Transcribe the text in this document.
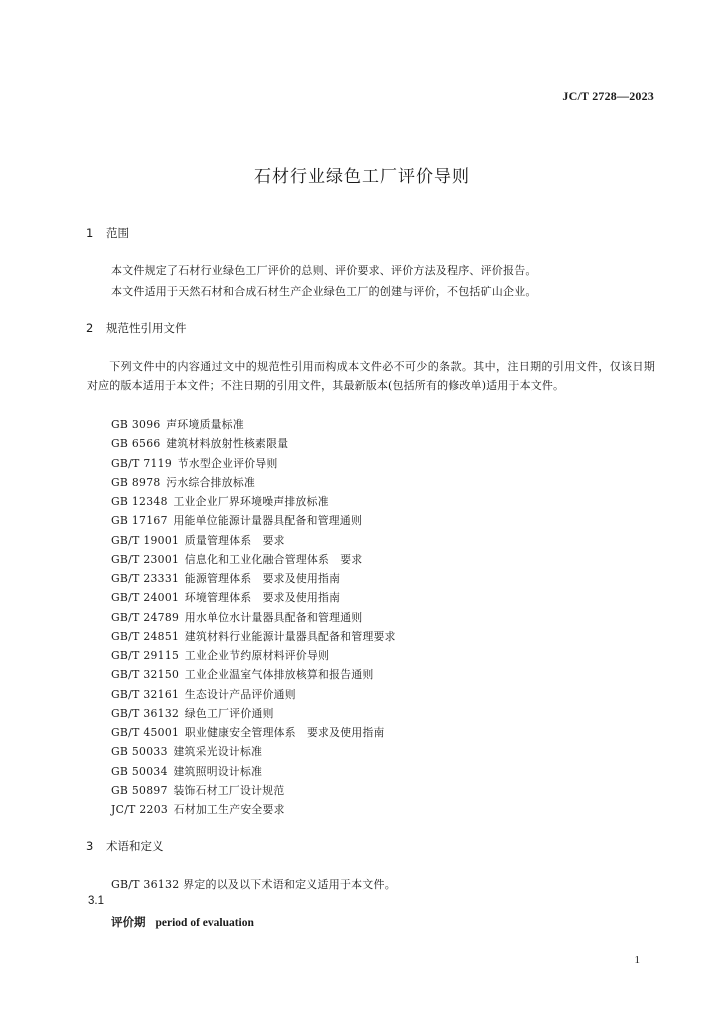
JC/T 2728—2023
石材行业绿色工厂评价导则
1 范围
本文件规定了石材行业绿色工厂评价的总则、评价要求、评价方法及程序、评价报告。
本文件适用于天然石材和合成石材生产企业绿色工厂的创建与评价，不包括矿山企业。
2 规范性引用文件
下列文件中的内容通过文中的规范性引用而构成本文件必不可少的条款。其中，注日期的引用文件，仅该日期对应的版本适用于本文件；不注日期的引用文件，其最新版本(包括所有的修改单)适用于本文件。
GB 3096  声环境质量标准
GB 6566  建筑材料放射性核素限量
GB/T 7119  节水型企业评价导则
GB 8978  污水综合排放标准
GB 12348  工业企业厂界环境噪声排放标准
GB 17167  用能单位能源计量器具配备和管理通则
GB/T 19001  质量管理体系　要求
GB/T 23001  信息化和工业化融合管理体系　要求
GB/T 23331  能源管理体系　要求及使用指南
GB/T 24001  环境管理体系　要求及使用指南
GB/T 24789  用水单位水计量器具配备和管理通则
GB/T 24851  建筑材料行业能源计量器具配备和管理要求
GB/T 29115  工业企业节约原材料评价导则
GB/T 32150  工业企业温室气体排放核算和报告通则
GB/T 32161  生态设计产品评价通则
GB/T 36132  绿色工厂评价通则
GB/T 45001  职业健康安全管理体系　要求及使用指南
GB 50033  建筑采光设计标准
GB 50034  建筑照明设计标准
GB 50897  装饰石材工厂设计规范
JC/T 2203  石材加工生产安全要求
3 术语和定义
GB/T 36132 界定的以及以下术语和定义适用于本文件。
3.1
评价期 period of evaluation
1
